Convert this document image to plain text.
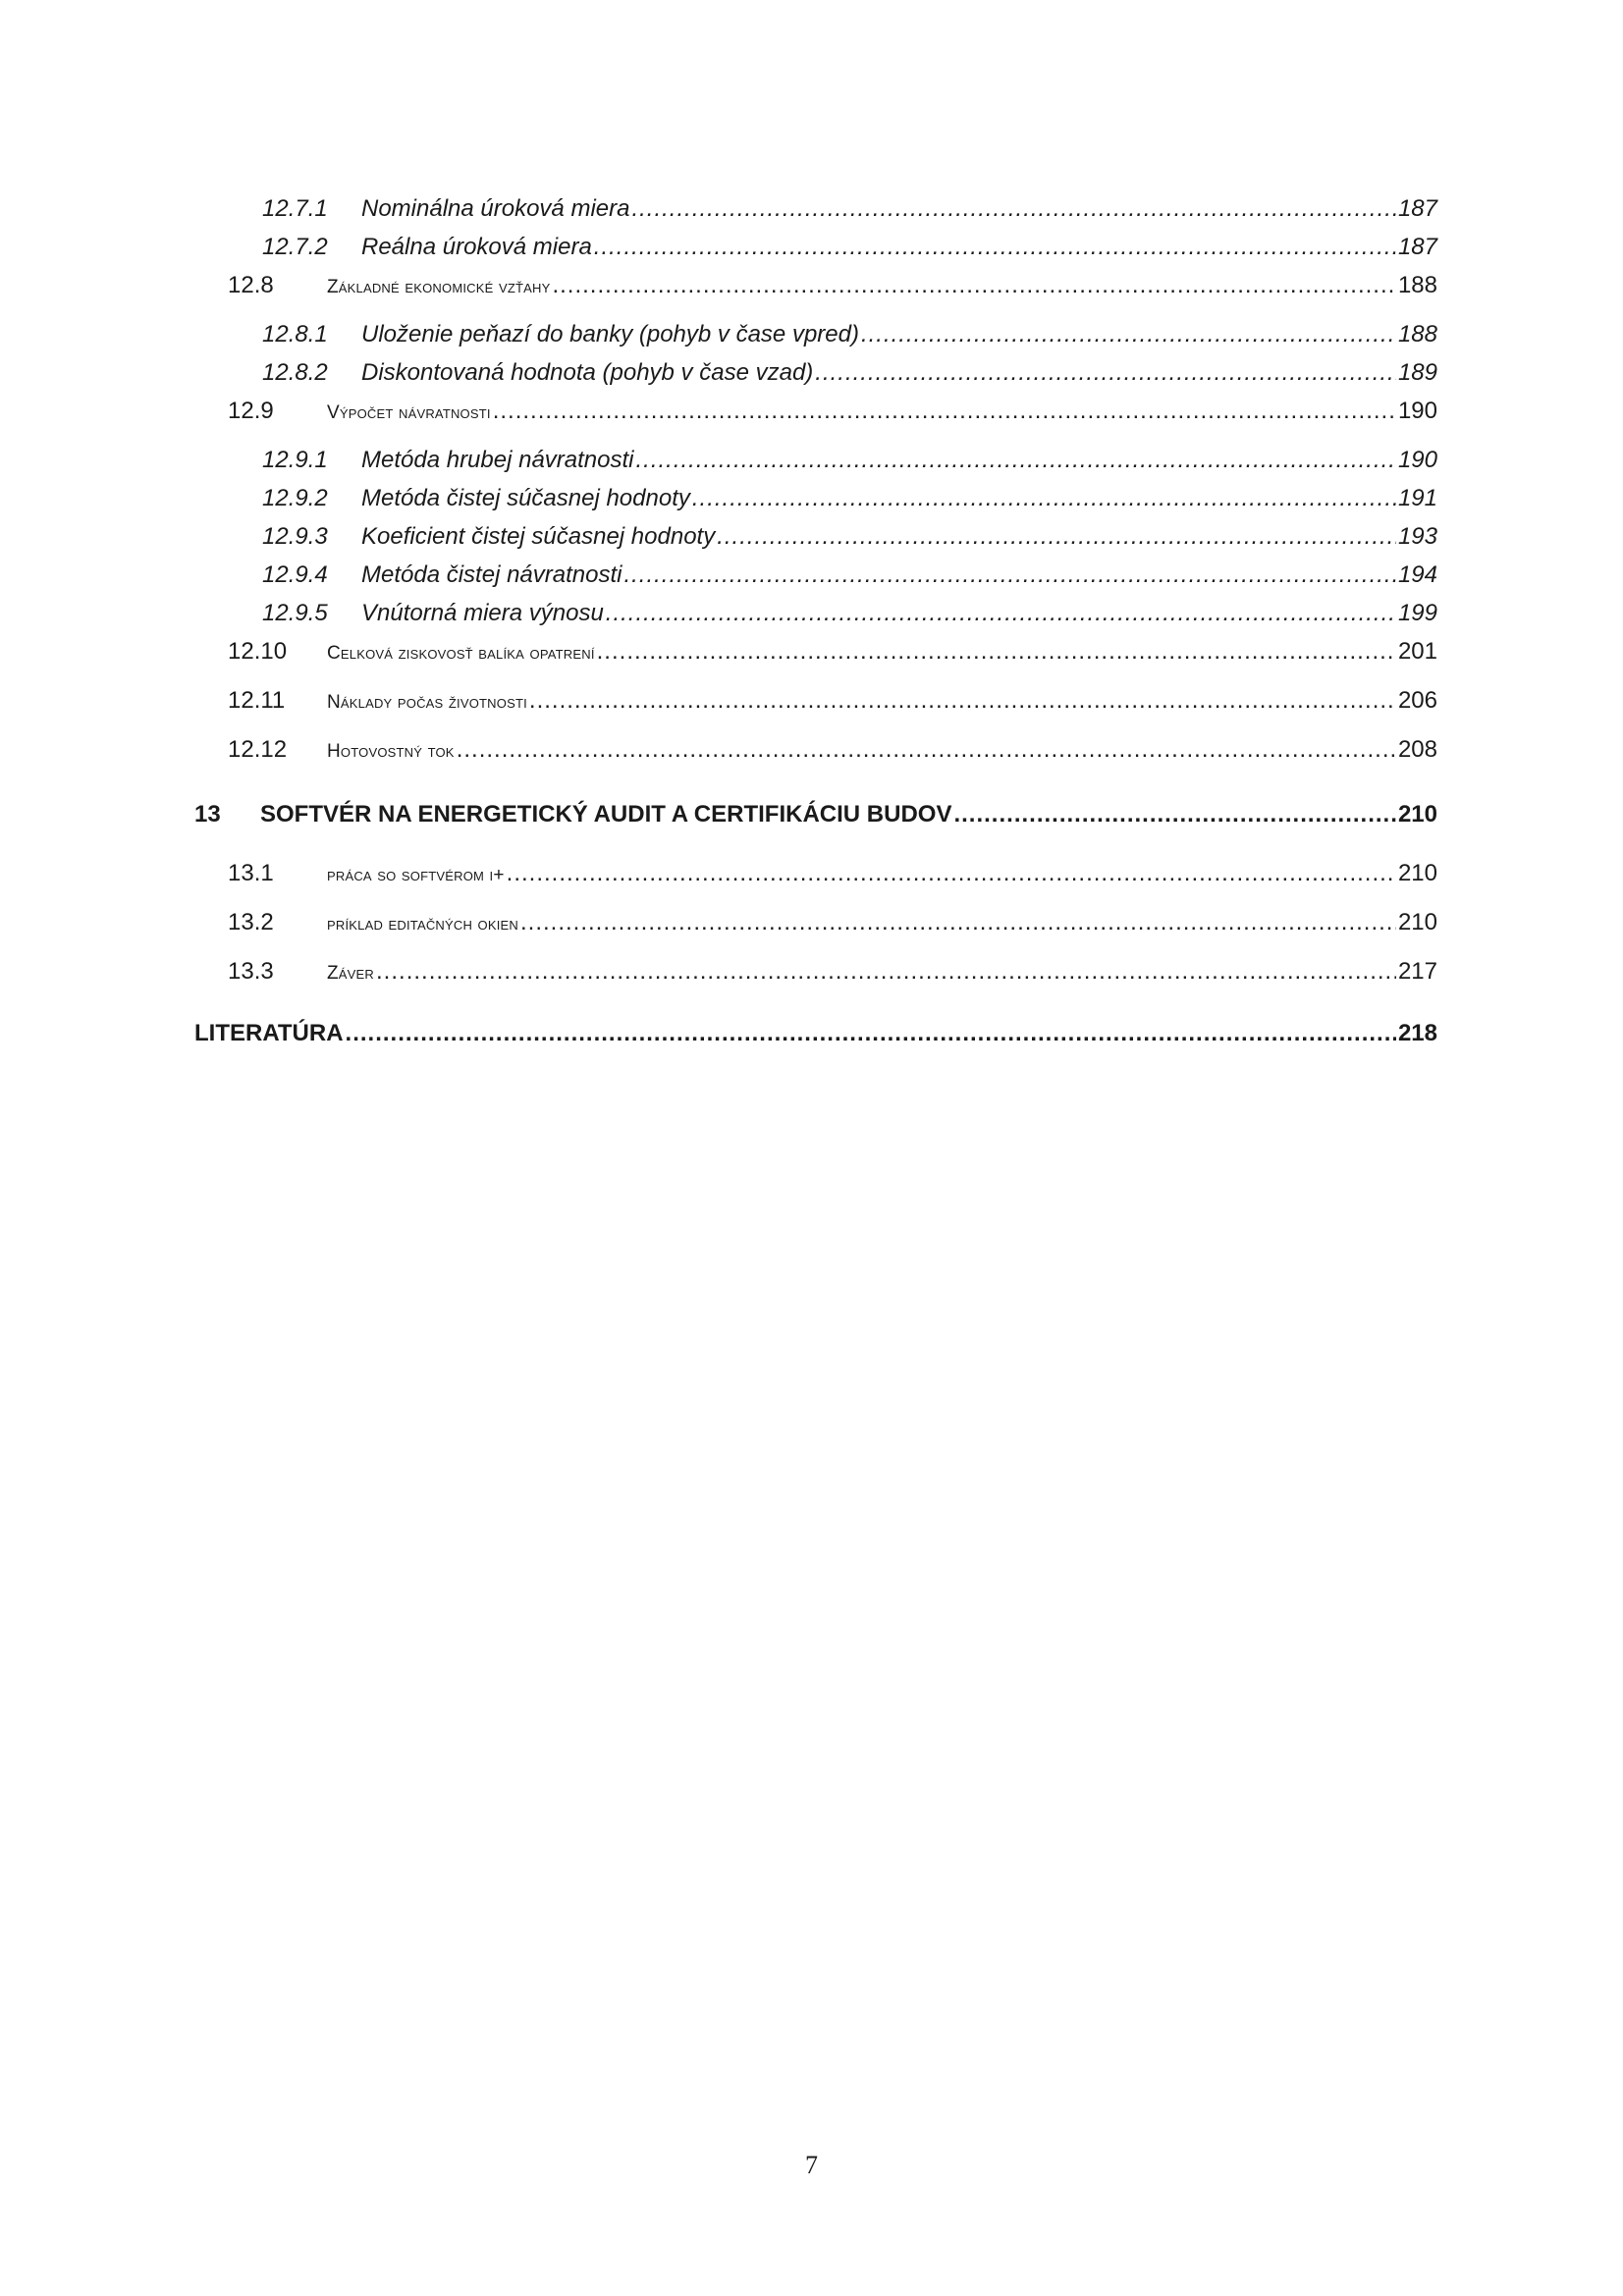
12.7.1	Nominálna úroková miera .....	187
12.7.2	Reálna úroková miera .....	187
12.8	Základné ekonomické vzťahy .....	188
12.8.1	Uloženie peňazí do banky (pohyb v čase vpred) .....	188
12.8.2	Diskontovaná hodnota (pohyb v čase vzad) .....	189
12.9	Výpočet návratnosti .....	190
12.9.1	Metóda hrubej návratnosti .....	190
12.9.2	Metóda čistej súčasnej hodnoty .....	191
12.9.3	Koeficient čistej súčasnej hodnoty .....	193
12.9.4	Metóda čistej návratnosti .....	194
12.9.5	Vnútorná miera výnosu .....	199
12.10	Celková ziskovosť balíka opatrení .....	201
12.11	Náklady počas životnosti .....	206
12.12	Hotovostný tok .....	208
13	SOFTVÉR NA ENERGETICKÝ AUDIT A CERTIFIKÁCIU BUDOV .....	210
13.1	práca so softvérom i+ .....	210
13.2	príklad editačných okien .....	210
13.3	Záver .....	217
LITERATÚRA .....	218
7
